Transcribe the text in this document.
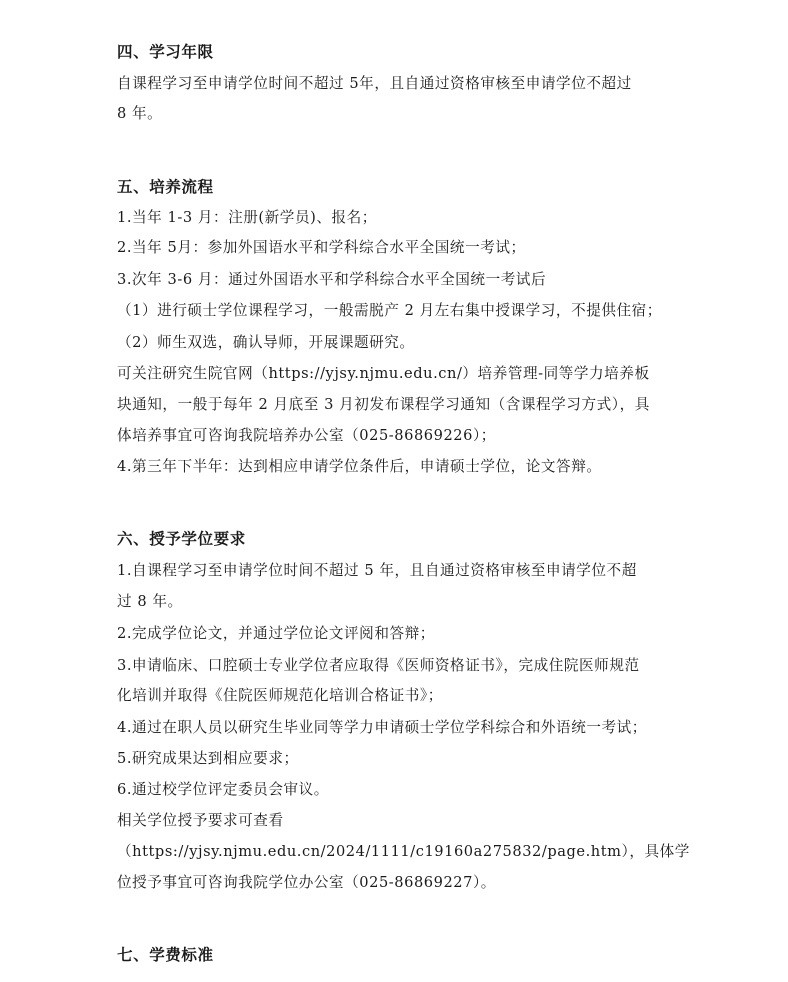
四、学习年限
自课程学习至申请学位时间不超过 5年，且自通过资格审核至申请学位不超过
8 年。
五、培养流程
1.当年 1-3 月：注册(新学员)、报名；
2.当年 5月：参加外国语水平和学科综合水平全国统一考试；
3.次年 3-6 月：通过外国语水平和学科综合水平全国统一考试后
（1）进行硕士学位课程学习，一般需脱产 2 月左右集中授课学习，不提供住宿；
（2）师生双选，确认导师，开展课题研究。
可关注研究生院官网（https://yjsy.njmu.edu.cn/）培养管理-同等学力培养板
块通知，一般于每年 2 月底至 3 月初发布课程学习通知（含课程学习方式），具
体培养事宜可咨询我院培养办公室（025-86869226）；
4.第三年下半年：达到相应申请学位条件后，申请硕士学位，论文答辩。
六、授予学位要求
1.自课程学习至申请学位时间不超过 5 年，且自通过资格审核至申请学位不超
过 8 年。
2.完成学位论文，并通过学位论文评阅和答辩；
3.申请临床、口腔硕士专业学位者应取得《医师资格证书》，完成住院医师规范
化培训并取得《住院医师规范化培训合格证书》；
4.通过在职人员以研究生毕业同等学力申请硕士学位学科综合和外语统一考试；
5.研究成果达到相应要求；
6.通过校学位评定委员会审议。
相关学位授予要求可查看
（https://yjsy.njmu.edu.cn/2024/1111/c19160a275832/page.htm），具体学
位授予事宜可咨询我院学位办公室（025-86869227）。
七、学费标准
